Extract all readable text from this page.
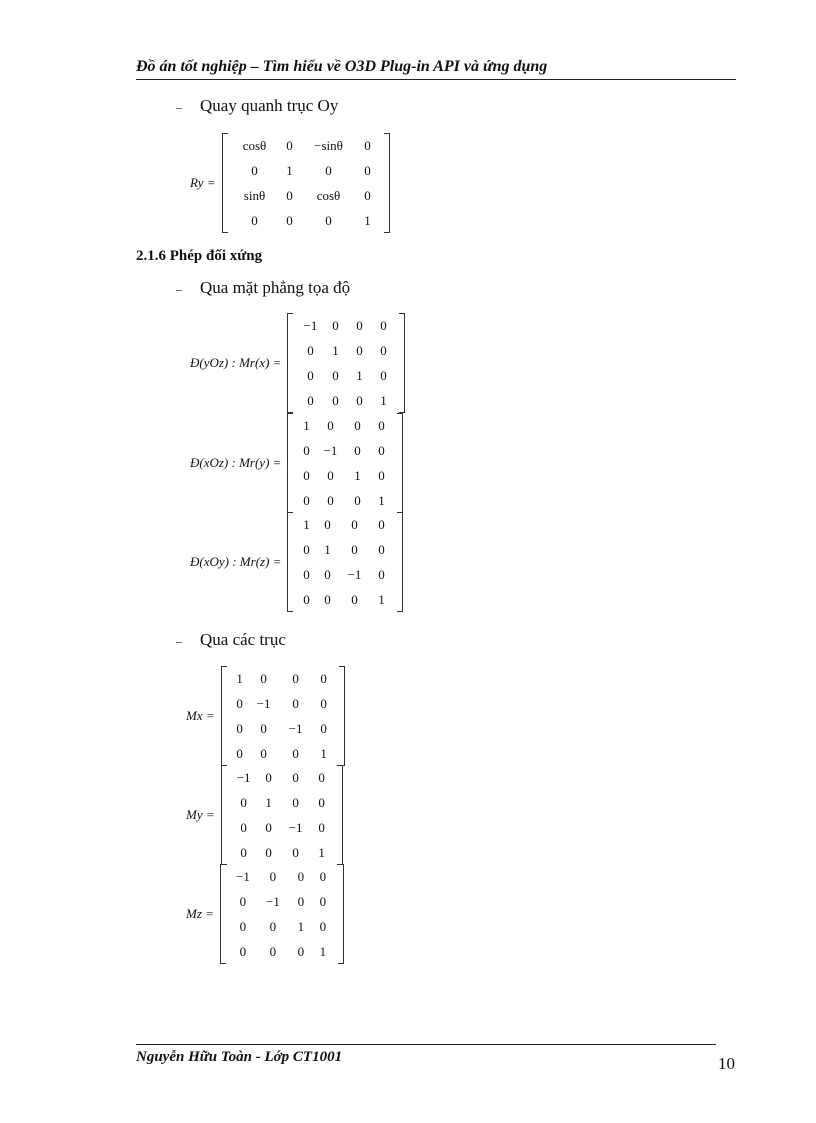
Đồ án tốt nghiệp – Tìm hiểu về O3D Plug-in API và ứng dụng
– Quay quanh trục Oy
Ry =
cosθ	0	−sinθ	0
0	1	0	0
sinθ	0	cosθ	0
0	0	0	1
2.1.6 Phép đối xứng
– Qua mặt phẳng tọa độ
Đ(yOz) : Mr(x) =
−1	0	0	0
0	1	0	0
0	0	1	0
0	0	0	1
Đ(xOz) : Mr(y) =
1	0	0	0
0	−1	0	0
0	0	1	0
0	0	0	1
Đ(xOy) : Mr(z) =
1	0	0	0
0	1	0	0
0	0	−1	0
0	0	0	1
– Qua các trục
Mx =
1	0	0	0
0	−1	0	0
0	0	−1	0
0	0	0	1
My =
−1	0	0	0
0	1	0	0
0	0	−1	0
0	0	0	1
Mz =
−1	0	0	0
0	−1	0	0
0	0	1	0
0	0	0	1
Nguyễn Hữu Toàn - Lớp CT1001	10
